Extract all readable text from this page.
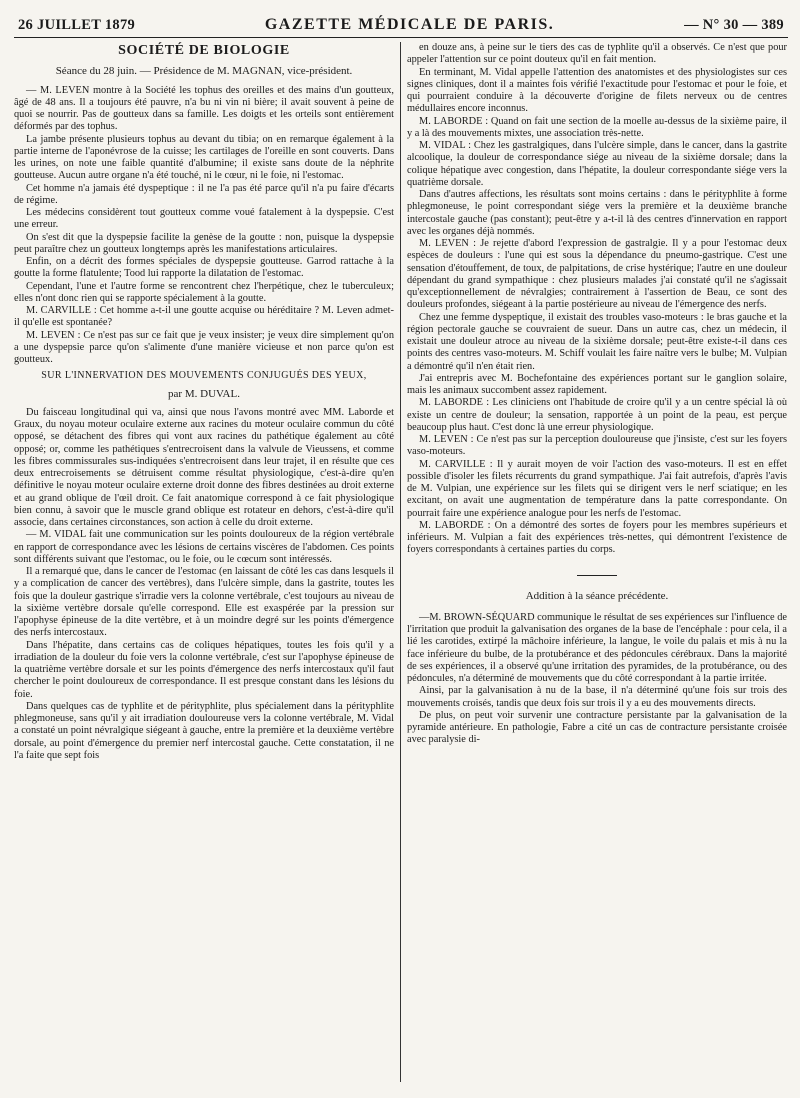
26 JUILLET 1879	GAZETTE MÉDICALE DE PARIS.	— N° 30 — 389

SOCIÉTÉ DE BIOLOGIE

Séance du 28 juin. — Présidence de M. MAGNAN, vice-président.

— M. LEVEN montre à la Société les tophus des oreilles et des mains d'un goutteux, âgé de 48 ans. Il a toujours été pauvre, n'a bu ni vin ni bière; il avait souvent à peine de quoi se nourrir. Pas de goutteux dans sa famille. Les doigts et les orteils sont entièrement déformés par des tophus.

La jambe présente plusieurs tophus au devant du tibia; on en remarque également à la partie interne de l'aponévrose de la cuisse; les cartilages de l'oreille en sont couverts. Dans les urines, on note une faible quantité d'albumine; il existe sans doute de la néphrite goutteuse. Aucun autre organe n'a été touché, ni le cœur, ni le foie, ni l'estomac.

Cet homme n'a jamais été dyspeptique : il ne l'a pas été parce qu'il n'a pu faire d'écarts de régime.

Les médecins considèrent tout goutteux comme voué fatalement à la dyspepsie. C'est une erreur.

On s'est dit que la dyspepsie facilite la genèse de la goutte : non, puisque la dyspepsie peut paraître chez un goutteux longtemps après les manifestations articulaires.

Enfin, on a décrit des formes spéciales de dyspepsie goutteuse. Garrod rattache à la goutte la forme flatulente; Tood lui rapporte la dilatation de l'estomac.

Cependant, l'une et l'autre forme se rencontrent chez l'herpétique, chez le tuberculeux; elles n'ont donc rien qui se rapporte spécialement à la goutte.

M. CARVILLE : Cet homme a-t-il une goutte acquise ou héréditaire ? M. Leven admet-il qu'elle est spontanée?

M. LEVEN : Ce n'est pas sur ce fait que je veux insister; je veux dire simplement qu'on a une dyspepsie parce qu'on s'alimente d'une manière vicieuse et non parce qu'on est goutteux.

SUR L'INNERVATION DES MOUVEMENTS CONJUGUÉS DES YEUX,

par M. DUVAL.

Du faisceau longitudinal qui va, ainsi que nous l'avons montré avec MM. Laborde et Graux, du noyau moteur oculaire externe aux racines du moteur oculaire commun du côté opposé, se détachent des fibres qui vont aux racines du pathétique également au côté opposé; or, comme les pathétiques s'entrecroisent dans la valvule de Vieussens, et comme les fibres commissurales sus-indiquées s'entrecroisent dans leur trajet, il en résulte que ces deux entrecroisements se détruisent comme résultat physiologique, c'est-à-dire qu'en définitive le noyau moteur oculaire externe droit donne des fibres destinées au droit externe et au grand oblique de l'œil droit. Ce fait anatomique correspond à ce fait physiologique bien connu, à savoir que le muscle grand oblique est rotateur en dehors, c'est-à-dire qu'il associe, dans certaines circonstances, son action à celle du droit externe.

— M. VIDAL fait une communication sur les points douloureux de la région vertébrale en rapport de correspondance avec les lésions de certains viscères de l'abdomen. Ces points sont différents suivant que l'estomac, ou le foie, ou le cœcum sont intéressés.

Il a remarqué que, dans le cancer de l'estomac (en laissant de côté les cas dans lesquels il y a complication de cancer des vertèbres), dans l'ulcère simple, dans la gastrite, toutes les fois que la douleur gastrique s'irradie vers la colonne vertébrale, c'est toujours au niveau de la sixième vertèbre dorsale qu'elle correspond. Elle est exaspérée par la pression sur l'apophyse épineuse de la dite vertèbre, et à un moindre degré sur les points d'émergence des nerfs intercostaux.

Dans l'hépatite, dans certains cas de coliques hépatiques, toutes les fois qu'il y a irradiation de la douleur du foie vers la colonne vertébrale, c'est sur l'apophyse épineuse de la quatrième vertèbre dorsale et sur les points d'émergence des nerfs intercostaux qu'il faut chercher le point douloureux de correspondance. Il est presque constant dans les lésions du foie.

Dans quelques cas de typhlite et de pérityphlite, plus spécialement dans la pérityphlite phlegmoneuse, sans qu'il y ait irradiation douloureuse vers la colonne vertébrale, M. Vidal a constaté un point névralgique siégeant à gauche, entre la première et la deuxième vertèbre dorsale, au point d'émergence du premier nerf intercostal gauche. Cette constatation, il ne l'a faite que sept fois

en douze ans, à peine sur le tiers des cas de typhlite qu'il a observés. Ce n'est que pour appeler l'attention sur ce point douteux qu'il en fait mention.

En terminant, M. Vidal appelle l'attention des anatomistes et des physiologistes sur ces signes cliniques, dont il a maintes fois vérifié l'exactitude pour l'estomac et pour le foie, et qui pourraient conduire à la découverte d'origine de filets nerveux ou de centres médullaires encore inconnus.

M. LABORDE : Quand on fait une section de la moelle au-dessus de la sixième paire, il y a là des mouvements mixtes, une association très-nette.

M. VIDAL : Chez les gastralgiques, dans l'ulcère simple, dans le cancer, dans la gastrite alcoolique, la douleur de correspondance siége au niveau de la sixième dorsale; dans la colique hépatique avec congestion, dans l'hépatite, la douleur correspondante siége vers la quatrième dorsale.

Dans d'autres affections, les résultats sont moins certains : dans le pérityphlite à forme phlegmoneuse, le point correspondant siége vers la première et la deuxième branche intercostale gauche (pas constant); peut-être y a-t-il là des centres d'innervation en rapport avec les organes déjà nommés.

M. LEVEN : Je rejette d'abord l'expression de gastralgie. Il y a pour l'estomac deux espèces de douleurs : l'une qui est sous la dépendance du pneumo-gastrique. C'est une sensation d'étouffement, de toux, de palpitations, de crise hystérique; l'autre en une douleur dépendant du grand sympathique : chez plusieurs malades j'ai constaté qu'il ne s'agissait qu'exceptionnellement de névralgies; contrairement à l'assertion de Beau, ce sont des douleurs profondes, siégeant à la partie postérieure au niveau de l'émergence des nerfs.

Chez une femme dyspeptique, il existait des troubles vaso-moteurs : le bras gauche et la région pectorale gauche se couvraient de sueur. Dans un autre cas, chez un médecin, il existait une douleur atroce au niveau de la sixième dorsale; peut-être existe-t-il dans ces points des centres vaso-moteurs. M. Schiff voulait les faire naître vers le bulbe; M. Vulpian a démontré qu'il n'en était rien.

J'ai entrepris avec M. Bochefontaine des expériences portant sur le ganglion solaire, mais les animaux succombent assez rapidement.

M. LABORDE : Les cliniciens ont l'habitude de croire qu'il y a un centre spécial là où existe un centre de douleur; la sensation, rapportée à un point de la peau, est perçue beaucoup plus haut. C'est donc là une erreur physiologique.

M. LEVEN : Ce n'est pas sur la perception douloureuse que j'insiste, c'est sur les foyers vaso-moteurs.

M. CARVILLE : Il y aurait moyen de voir l'action des vaso-moteurs. Il est en effet possible d'isoler les filets récurrents du grand sympathique. J'ai fait autrefois, d'après l'avis de M. Vulpian, une expérience sur les filets qui se dirigent vers le nerf sciatique; en les excitant, on avait une augmentation de température dans la patte correspondante. On pourrait faire une expérience analogue pour les nerfs de l'estomac.

M. LABORDE : On a démontré des sortes de foyers pour les membres supérieurs et inférieurs. M. Vulpian a fait des expériences très-nettes, qui démontrent l'existence de foyers correspondants à certaines parties du corps.

Addition à la séance précédente.

—M. BROWN-SÉQUARD communique le résultat de ses expériences sur l'influence de l'irritation que produit la galvanisation des organes de la base de l'encéphale : pour cela, il a lié les carotides, extirpé la mâchoire inférieure, la langue, le voile du palais et mis à nu la face inférieure du bulbe, de la protubérance et des pédoncules cérébraux. Dans la majorité de ses expériences, il a observé qu'une irritation des pyramides, de la protubérance, ou des pédoncules, n'a déterminé de mouvements que du côté correspondant à la partie irritée.

Ainsi, par la galvanisation à nu de la base, il n'a déterminé qu'une fois sur trois des mouvements croisés, tandis que deux fois sur trois il y a eu des mouvements directs.

De plus, on peut voir survenir une contracture persistante par la galvanisation de la pyramide antérieure. En pathologie, Fabre a cité un cas de contracture persistante croisée avec paralysie di-
